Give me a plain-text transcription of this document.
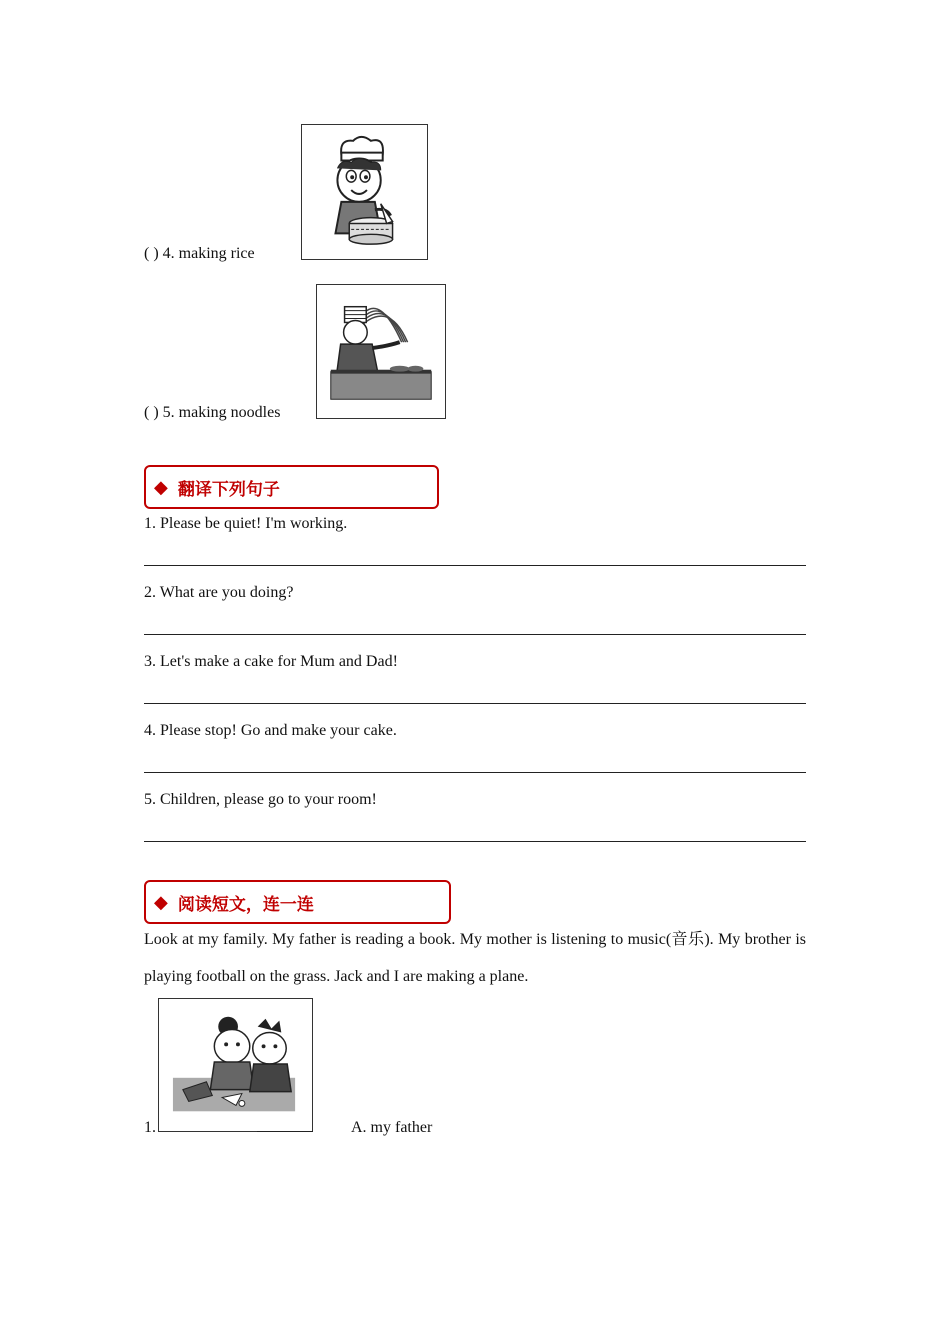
( ) 4. making rice
( ) 5. making noodles
◆ 翻译下列句子
1. Please be quiet! I'm working.
2. What are you doing?
3. Let's make a cake for Mum and Dad!
4. Please stop! Go and make your cake.
5. Children, please go to your room!
◆ 阅读短文，连一连
Look at my family. My father is reading a book. My mother is listening to music(音乐). My brother is playing football on the grass. Jack and I are making a plane.
1.	A. my father
